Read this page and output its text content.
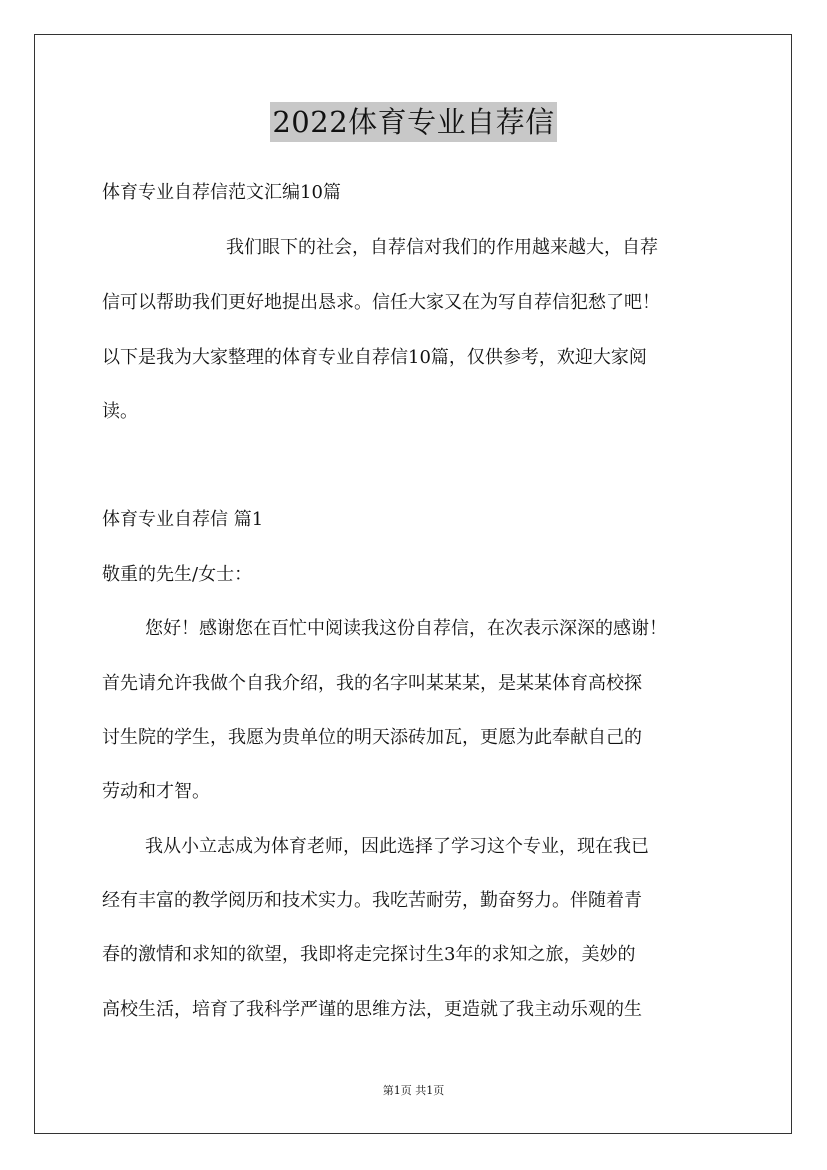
2022体育专业自荐信
体育专业自荐信范文汇编10篇
我们眼下的社会，自荐信对我们的作用越来越大，自荐
信可以帮助我们更好地提出恳求。信任大家又在为写自荐信犯愁了吧！
以下是我为大家整理的体育专业自荐信10篇，仅供参考，欢迎大家阅
读。
体育专业自荐信 篇1
敬重的先生/女士：
您好！感谢您在百忙中阅读我这份自荐信，在次表示深深的感谢！
首先请允许我做个自我介绍，我的名字叫某某某，是某某体育高校探
讨生院的学生，我愿为贵单位的明天添砖加瓦，更愿为此奉献自己的
劳动和才智。
我从小立志成为体育老师，因此选择了学习这个专业，现在我已
经有丰富的教学阅历和技术实力。我吃苦耐劳，勤奋努力。伴随着青
春的激情和求知的欲望，我即将走完探讨生3年的求知之旅，美妙的
高校生活，培育了我科学严谨的思维方法，更造就了我主动乐观的生
第1页 共1页
